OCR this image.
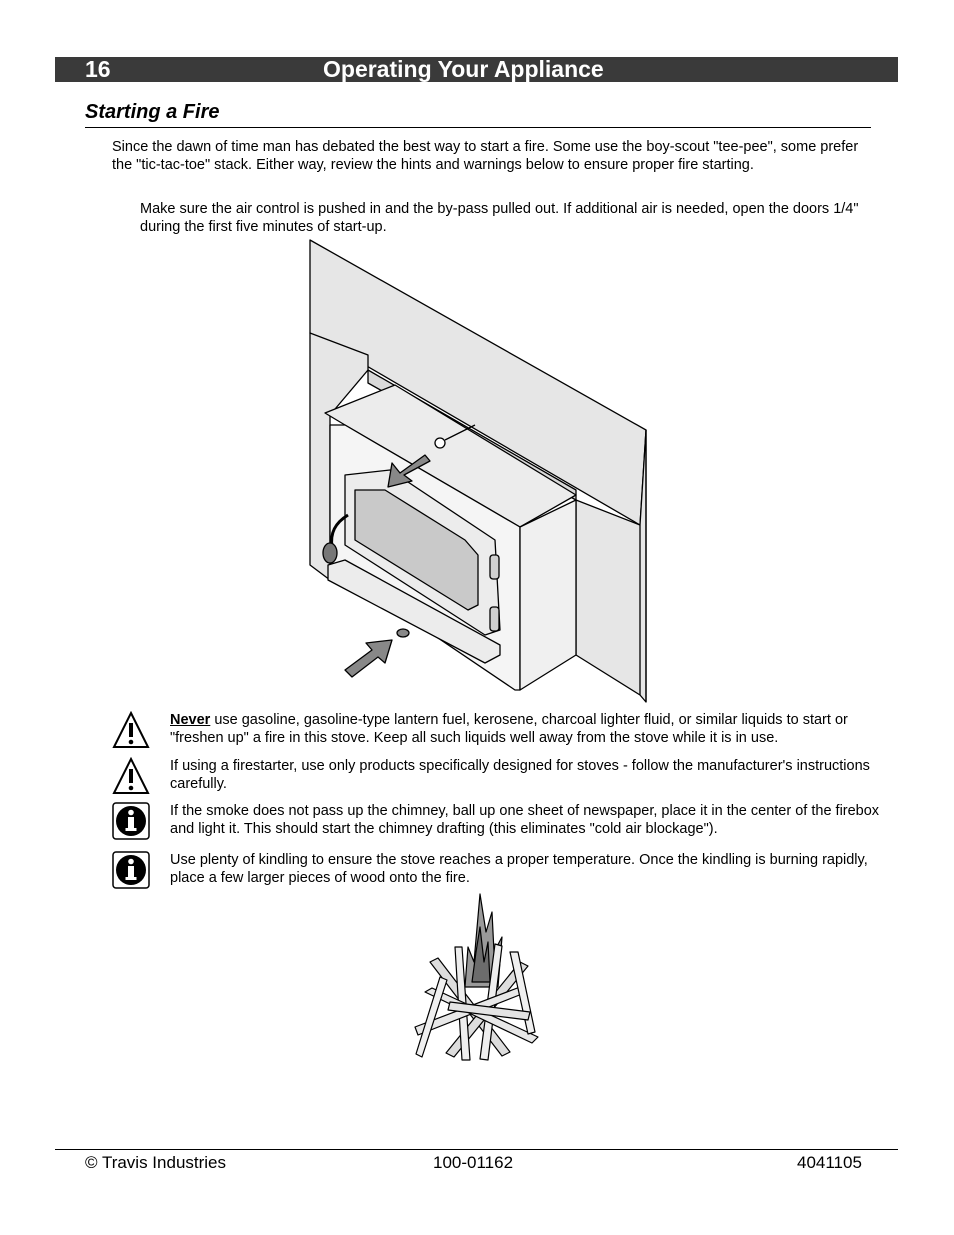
16	Operating Your Appliance
Starting a Fire
Since the dawn of time man has debated the best way to start a fire. Some use the boy-scout "tee-pee", some prefer the "tic-tac-toe" stack. Either way, review the hints and warnings below to ensure proper fire starting.
Make sure the air control is pushed in and the by-pass pulled out. If additional air is needed, open the doors 1/4" during the first five minutes of start-up.
Never use gasoline, gasoline-type lantern fuel, kerosene, charcoal lighter fluid, or similar liquids to start or "freshen up" a fire in this stove. Keep all such liquids well away from the stove while it is in use.
If using a firestarter, use only products specifically designed for stoves - follow the manufacturer's instructions carefully.
If the smoke does not pass up the chimney, ball up one sheet of newspaper, place it in the center of the firebox and light it. This should start the chimney drafting (this eliminates "cold air blockage").
Use plenty of kindling to ensure the stove reaches a proper temperature. Once the kindling is burning rapidly, place a few larger pieces of wood onto the fire.
© Travis Industries	100-01162	4041105
